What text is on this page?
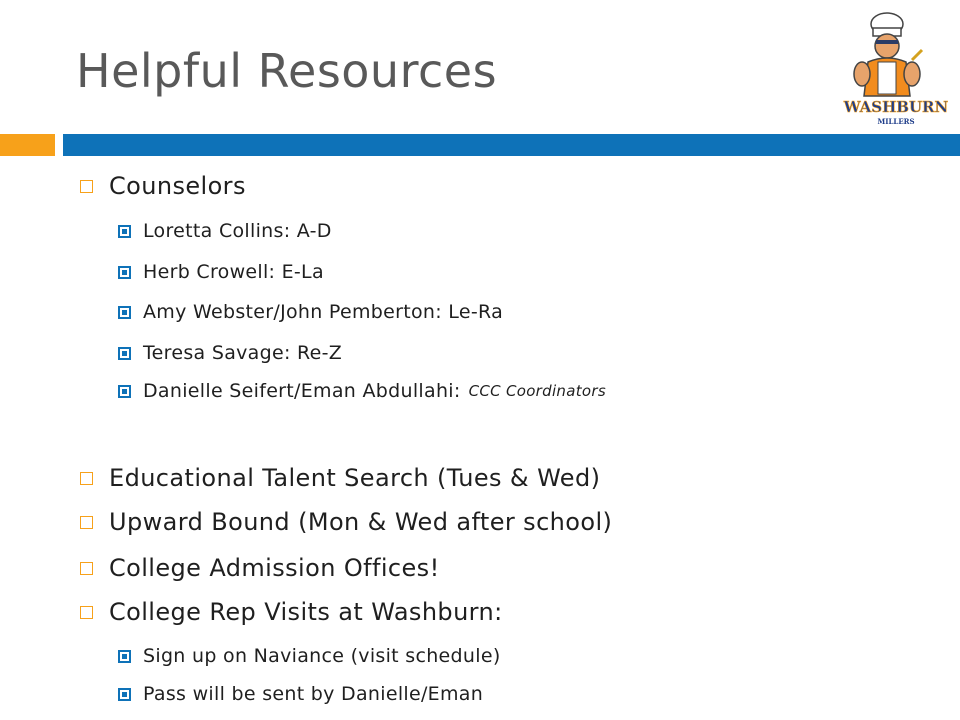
Helpful Resources
WASHBURN
MILLERS
Counselors
Loretta Collins: A-D
Herb Crowell: E-La
Amy Webster/John Pemberton: Le-Ra
Teresa Savage: Re-Z
Danielle Seifert/Eman Abdullahi: CCC Coordinators
Educational Talent Search (Tues & Wed)
Upward Bound (Mon & Wed after school)
College Admission Offices!
College Rep Visits at Washburn:
Sign up on Naviance (visit schedule)
Pass will be sent by Danielle/Eman
